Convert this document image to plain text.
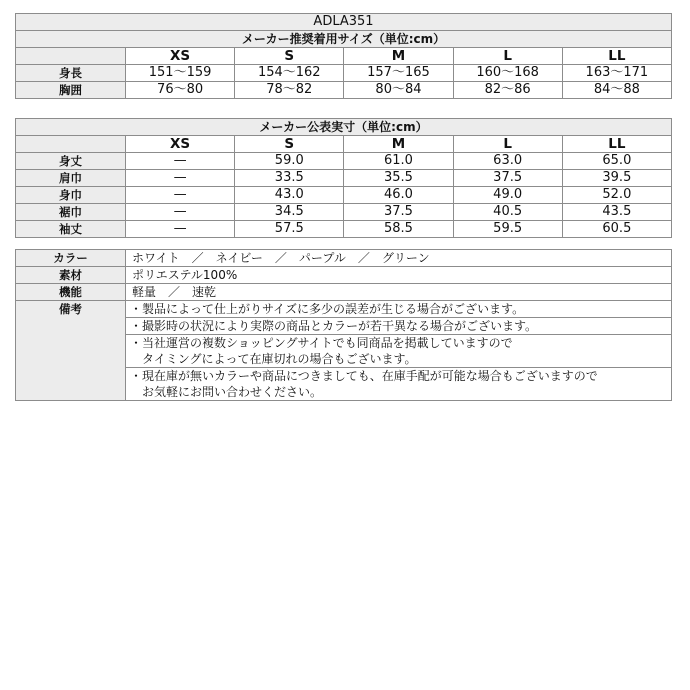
ADLA351					
メーカー推奨着用サイズ（単位:cm）					
	XS	S	M	L	LL
身長	151〜159	154〜162	157〜165	160〜168	163〜171
胸囲	76〜80	78〜82	80〜84	82〜86	84〜88
メーカー公表実寸（単位:cm）					
	XS	S	M	L	LL
身丈	—	59.0	61.0	63.0	65.0
肩巾	—	33.5	35.5	37.5	39.5
身巾	—	43.0	46.0	49.0	52.0
裾巾	—	34.5	37.5	40.5	43.5
袖丈	—	57.5	58.5	59.5	60.5
カラー	ホワイト　／　ネイビー　／　パープル　／　グリーン
素材	ポリエステル100%
機能	軽量　／　速乾
備考	・製品によって仕上がりサイズに多少の誤差が生じる場合がございます。

	・撮影時の状況により実際の商品とカラーが若干異なる場合がございます。

	・当社運営の複数ショッピングサイトでも同商品を掲載していますので
　タイミングによって在庫切れの場合もございます。

	・現在庫が無いカラーや商品につきましても、在庫手配が可能な場合もございますので
　お気軽にお問い合わせください。
